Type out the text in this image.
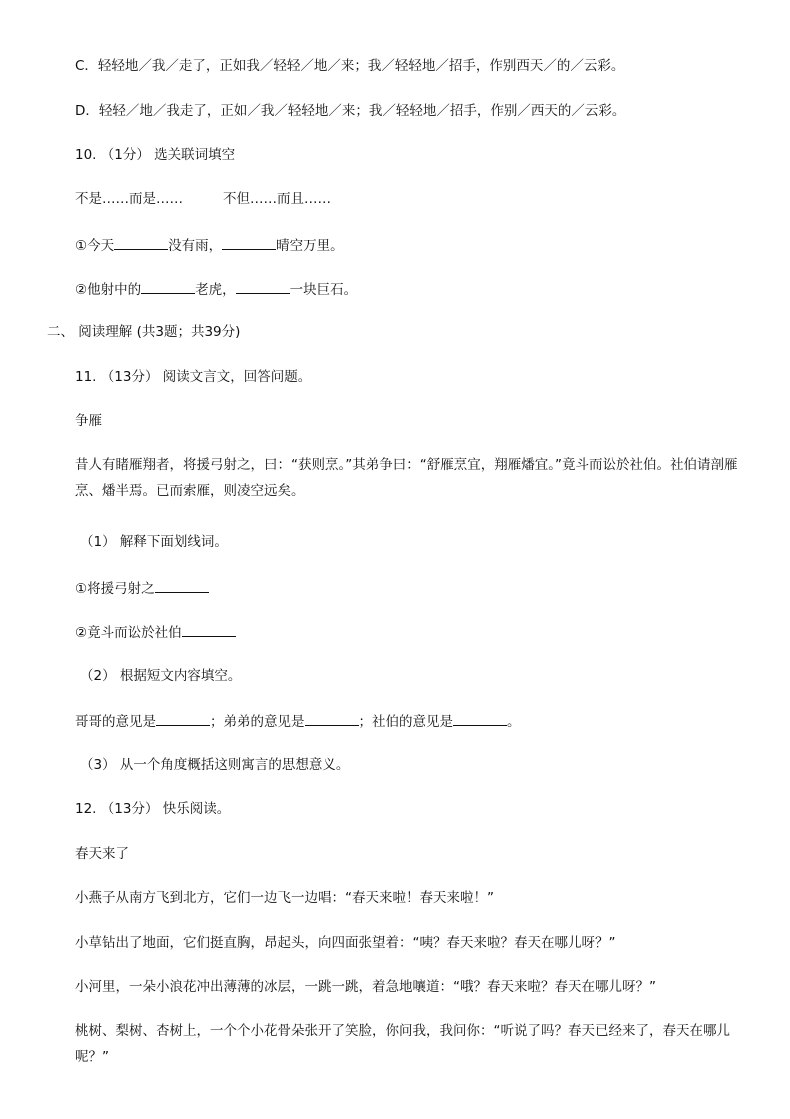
C．轻轻地／我／走了，正如我／轻轻／地／来；我／轻轻地／招手，作别西天／的／云彩。
D．轻轻／地／我走了，正如／我／轻轻地／来；我／轻轻地／招手，作别／西天的／云彩。
10. （1分） 选关联词填空
不是……而是……	不但……而且……
①今天	没有雨，	晴空万里。
②他射中的	老虎，	一块巨石。
二、 阅读理解 (共3题；共39分)
11. （13分） 阅读文言文，回答问题。
争雁
昔人有睹雁翔者，将援弓射之，曰：“获则烹。”其弟争曰：“舒雁烹宜，翔雁燔宜。”竟斗而讼於社伯。社伯请剖雁烹、燔半焉。已而索雁，则凌空远矣。
（1） 解释下面划线词。
①将援弓射之
②竟斗而讼於社伯
（2） 根据短文内容填空。
哥哥的意见是	；弟弟的意见是	；社伯的意见是	。
（3） 从一个角度概括这则寓言的思想意义。
12. （13分） 快乐阅读。
春天来了
小燕子从南方飞到北方，它们一边飞一边唱：“春天来啦！春天来啦！”
小草钻出了地面，它们挺直胸，昂起头，向四面张望着：“咦？春天来啦？春天在哪儿呀？”
小河里，一朵小浪花冲出薄薄的冰层，一跳一跳，着急地嚷道：“哦？春天来啦？春天在哪儿呀？”
桃树、梨树、杏树上，一个个小花骨朵张开了笑脸，你问我，我问你：“听说了吗？春天已经来了，春天在哪儿呢？”
